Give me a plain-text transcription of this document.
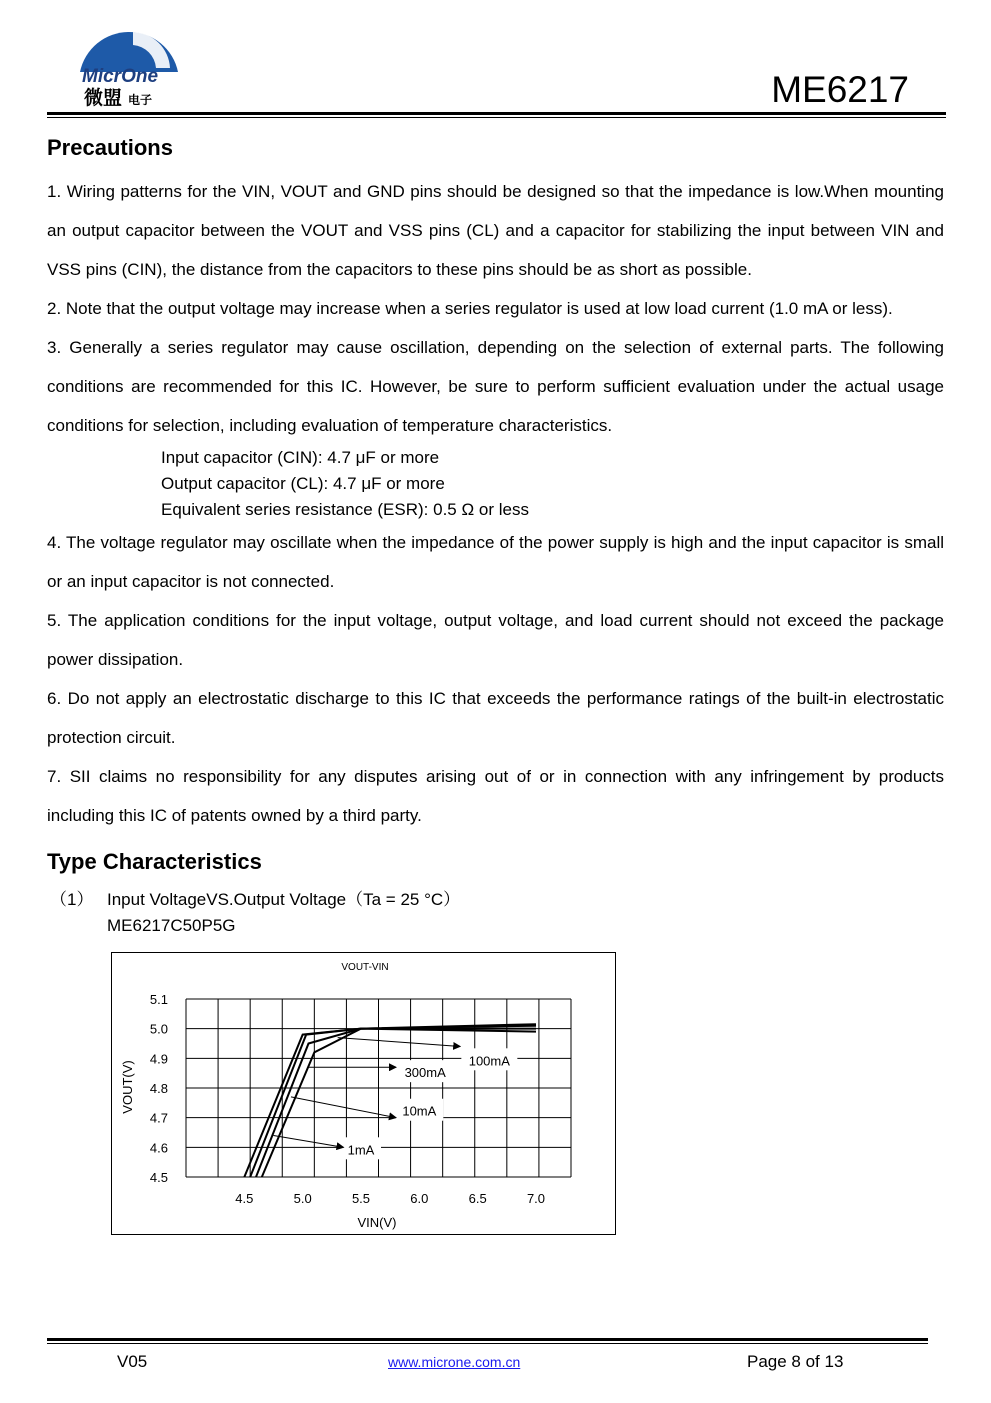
MicrOne
微盟 电子	ME6217
Precautions
1. Wiring patterns for the VIN, VOUT and GND pins should be designed so that the impedance is low.When mounting an output capacitor between the VOUT and VSS pins (CL) and a capacitor for stabilizing the input between VIN and VSS pins (CIN), the distance from the capacitors to these pins should be as short as possible.
2. Note that the output voltage may increase when a series regulator is used at low load current (1.0 mA or less).
3. Generally a series regulator may cause oscillation, depending on the selection of external parts. The following conditions are recommended for this IC. However, be sure to perform sufficient evaluation under the actual usage conditions for selection, including evaluation of temperature characteristics.
Input capacitor (CIN): 4.7 μF or more
Output capacitor (CL): 4.7 μF or more
Equivalent series resistance (ESR): 0.5 Ω or less
4. The voltage regulator may oscillate when the impedance of the power supply is high and the input capacitor is small or an input capacitor is not connected.
5. The application conditions for the input voltage, output voltage, and load current should not exceed the package power dissipation.
6. Do not apply an electrostatic discharge to this IC that exceeds the performance ratings of the built-in electrostatic protection circuit.
7. SII claims no responsibility for any disputes arising out of or in connection with any infringement by products including this IC of patents owned by a third party.
Type Characteristics
（1） Input VoltageVS.Output Voltage（Ta = 25 °C）
ME6217C50P5G
VOUT-VIN
5.1
5.0
4.9
4.8
4.7
4.6
4.5
4.5	5.0	5.5	6.0	6.5	7.0
100mA
300mA
10mA
1mA
VIN(V)
VOUT(V)
V05	www.microne.com.cn	Page 8 of 13
